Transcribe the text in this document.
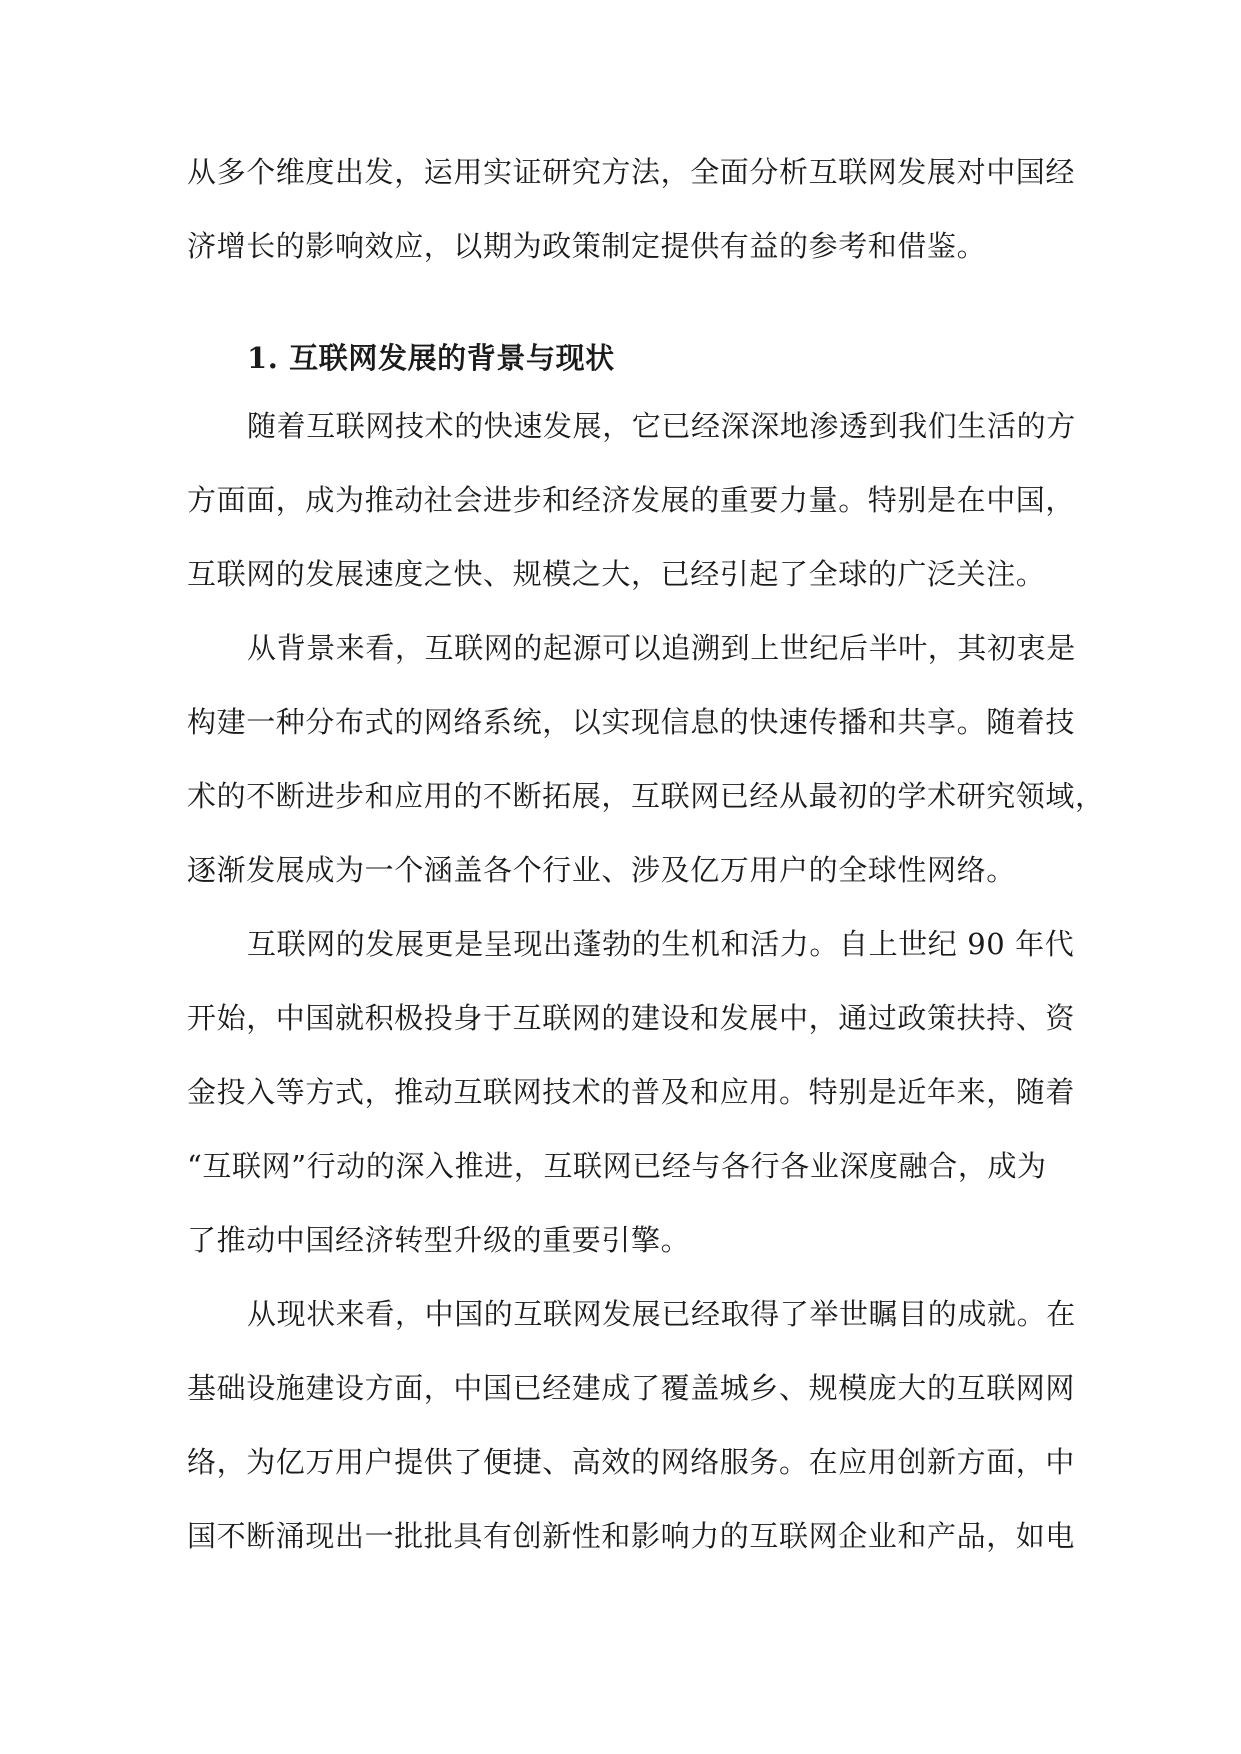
从多个维度出发，运用实证研究方法，全面分析互联网发展对中国经
济增长的影响效应，以期为政策制定提供有益的参考和借鉴。
1. 互联网发展的背景与现状
随着互联网技术的快速发展，它已经深深地渗透到我们生活的方
方面面，成为推动社会进步和经济发展的重要力量。特别是在中国，
互联网的发展速度之快、规模之大，已经引起了全球的广泛关注。
从背景来看，互联网的起源可以追溯到上世纪后半叶，其初衷是
构建一种分布式的网络系统，以实现信息的快速传播和共享。随着技
术的不断进步和应用的不断拓展，互联网已经从最初的学术研究领域，
逐渐发展成为一个涵盖各个行业、涉及亿万用户的全球性网络。
互联网的发展更是呈现出蓬勃的生机和活力。自上世纪 90 年代
开始，中国就积极投身于互联网的建设和发展中，通过政策扶持、资
金投入等方式，推动互联网技术的普及和应用。特别是近年来，随着
“互联网”行动的深入推进，互联网已经与各行各业深度融合，成为
了推动中国经济转型升级的重要引擎。
从现状来看，中国的互联网发展已经取得了举世瞩目的成就。在
基础设施建设方面，中国已经建成了覆盖城乡、规模庞大的互联网网
络，为亿万用户提供了便捷、高效的网络服务。在应用创新方面，中
国不断涌现出一批批具有创新性和影响力的互联网企业和产品，如电
